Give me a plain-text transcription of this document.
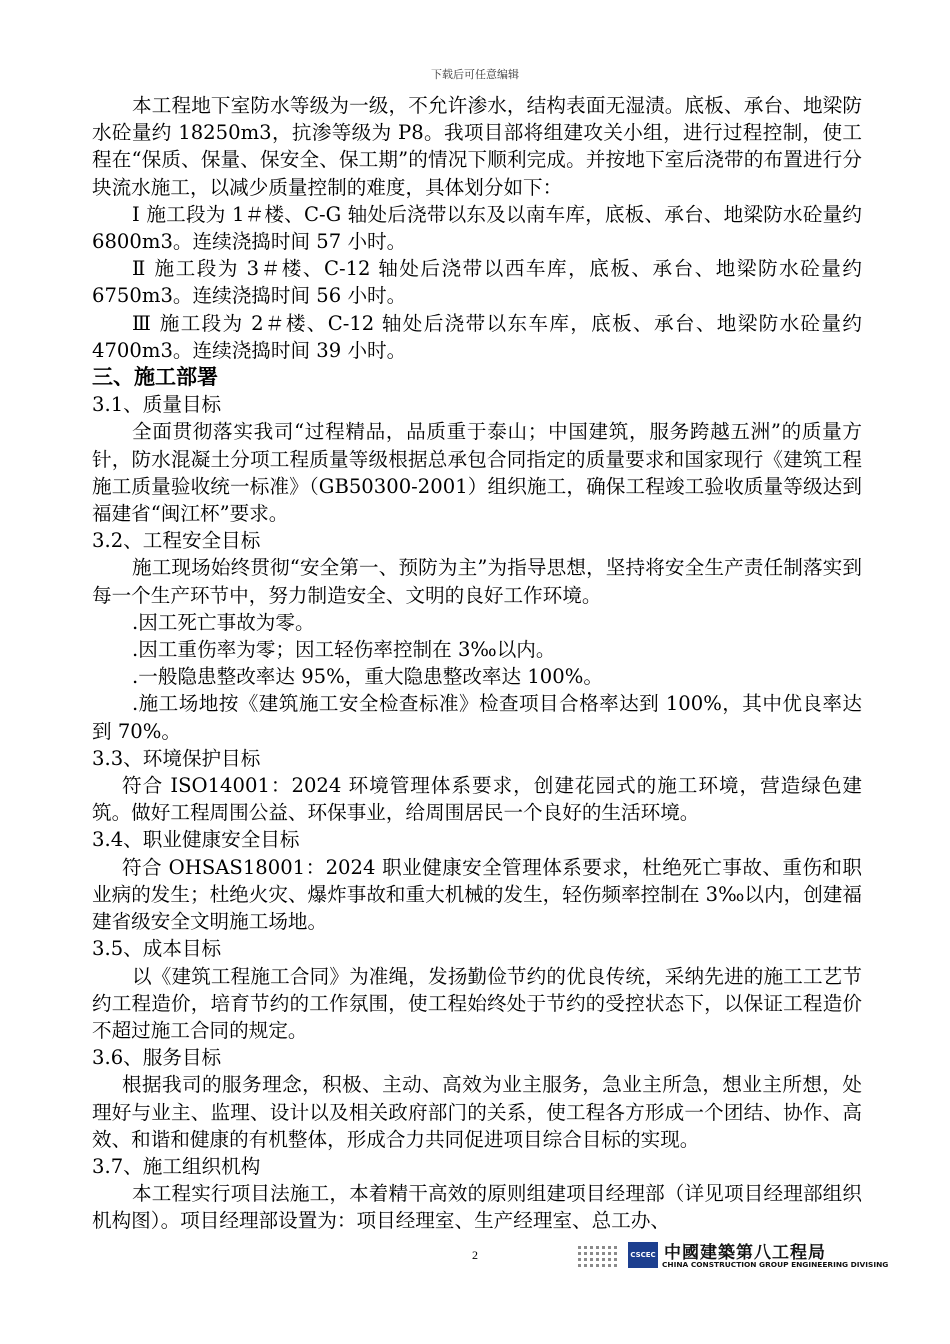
下载后可任意编辑

本工程地下室防水等级为一级，不允许渗水，结构表面无湿渍。底板、承台、地梁防水砼量约 18250m3，抗渗等级为 P8。我项目部将组建攻关小组，进行过程控制，使工程在“保质、保量、保安全、保工期”的情况下顺利完成。并按地下室后浇带的布置进行分块流水施工，以减少质量控制的难度，具体划分如下：

Ⅰ 施工段为 1＃楼、C-G 轴处后浇带以东及以南车库，底板、承台、地梁防水砼量约 6800m3。连续浇捣时间 57 小时。

Ⅱ 施工段为 3＃楼、C-12 轴处后浇带以西车库，底板、承台、地梁防水砼量约 6750m3。连续浇捣时间 56 小时。

Ⅲ 施工段为 2＃楼、C-12 轴处后浇带以东车库，底板、承台、地梁防水砼量约 4700m3。连续浇捣时间 39 小时。

三、施工部署

3.1、质量目标

全面贯彻落实我司“过程精品，品质重于泰山；中国建筑，服务跨越五洲”的质量方针，防水混凝土分项工程质量等级根据总承包合同指定的质量要求和国家现行《建筑工程施工质量验收统一标准》（GB50300-2001）组织施工，确保工程竣工验收质量等级达到福建省“闽江杯”要求。

3.2、工程安全目标

施工现场始终贯彻“安全第一、预防为主”为指导思想，坚持将安全生产责任制落实到每一个生产环节中，努力制造安全、文明的良好工作环境。

.因工死亡事故为零。

.因工重伤率为零；因工轻伤率控制在 3‰以内。

.一般隐患整改率达 95%，重大隐患整改率达 100%。

.施工场地按《建筑施工安全检查标准》检查项目合格率达到 100%，其中优良率达到 70%。

3.3、环境保护目标

符合 ISO14001：2024 环境管理体系要求，创建花园式的施工环境，营造绿色建筑。做好工程周围公益、环保事业，给周围居民一个良好的生活环境。

3.4、职业健康安全目标

符合 OHSAS18001：2024 职业健康安全管理体系要求，杜绝死亡事故、重伤和职业病的发生；杜绝火灾、爆炸事故和重大机械的发生，轻伤频率控制在 3‰以内，创建福建省级安全文明施工场地。

3.5、成本目标

以《建筑工程施工合同》为准绳，发扬勤俭节约的优良传统，采纳先进的施工工艺节约工程造价，培育节约的工作氛围，使工程始终处于节约的受控状态下，以保证工程造价不超过施工合同的规定。

3.6、服务目标

根据我司的服务理念，积极、主动、高效为业主服务，急业主所急，想业主所想，处理好与业主、监理、设计以及相关政府部门的关系，使工程各方形成一个团结、协作、高效、和谐和健康的有机整体，形成合力共同促进项目综合目标的实现。

3.7、施工组织机构

本工程实行项目法施工，本着精干高效的原则组建项目经理部（详见项目经理部组织机构图）。项目经理部设置为：项目经理室、生产经理室、总工办、

2	CSCEC 中國建築第八工程局
CHINA CONSTRUCTION GROUP ENGINEERING DIVISING
